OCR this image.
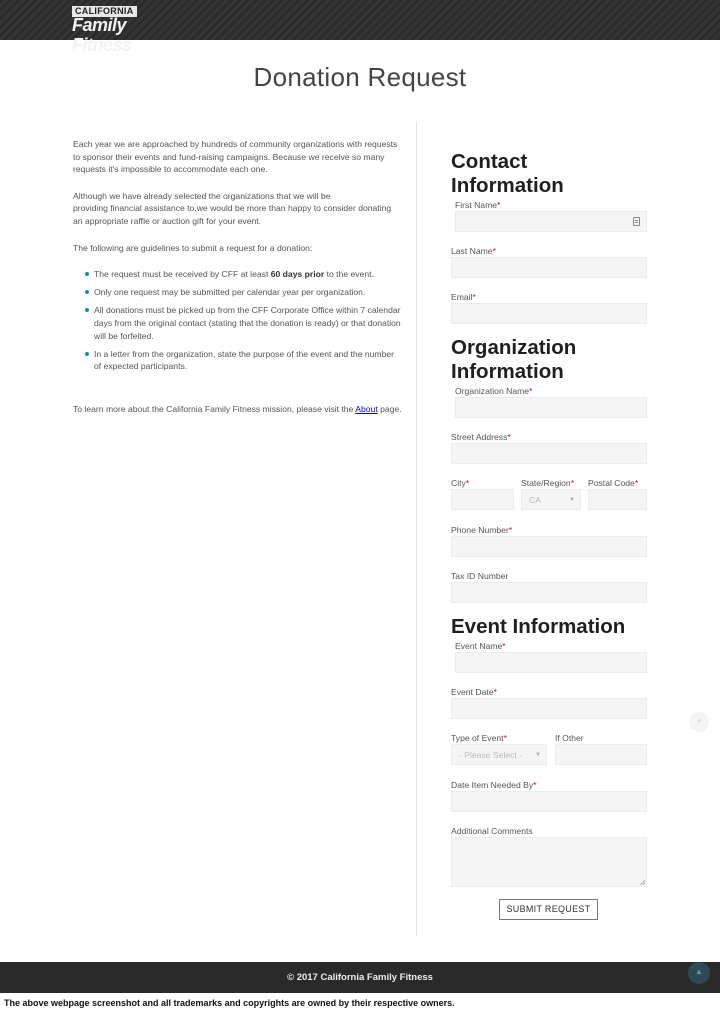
CALIFORNIA
Family Fitness
Donation Request

Each year we are approached by hundreds of community organizations with requests to sponsor their events and fund-raising campaigns. Because we receive so many requests it's impossible to accommodate each one.

Although we have already selected the organizations that we will be
providing financial assistance to,we would be more than happy to consider donating an appropriate raffle or auction gift for your event.

The following are guidelines to submit a request for a donation:

The request must be received by CFF at least 60 days prior to the event.
Only one request may be submitted per calendar year per organization.
All donations must be picked up from the CFF Corporate Office within 7 calendar days from the original contact (stating that the donation is ready) or that donation will be forfeited.
In a letter from the organization, state the purpose of the event and the number of expected participants.
To learn more about the California Family Fitness mission, please visit the About page.
Contact
Information
First Name*
Last Name*
Email*
Organization
Information
Organization Name*
Street Address*
City*	State/Region*
CA	▼
Postal Code*
Phone Number*
Tax ID Number
Event Information
Event Name*
Event Date*
Type of Event*
- Please Select - ▼
If Other
Date Item Needed By*
Additional Comments
SUBMIT REQUEST
▲
© 2017 California Family Fitness
▲
The above webpage screenshot and all trademarks and copyrights are owned by their respective owners.
